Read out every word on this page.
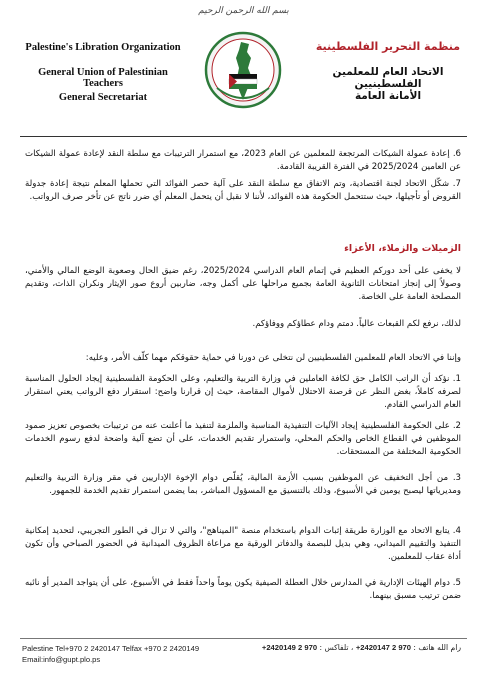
بسم الله الرحمن الرحيم
Palestine's Libration Organization
General Union of Palestinian Teachers
General Secretariat
منظمة التحرير الفلسطينية
الاتحاد العام للمعلمين الفلسطينيين
الأمانة العامة
6. إعادة عمولة الشيكات المرتجعة للمعلمين عن العام 2023، مع استمرار الترتيبات مع سلطة النقد لإعادة عمولة الشيكات عن العامين 2025/2024 في الفترة القريبة القادمة.
7. شكّل الاتحاد لجنة اقتصادية، وتم الاتفاق مع سلطة النقد على آلية حصر الفوائد التي تحملها المعلم نتيجة إعادة جدولة القروض أو تأجيلها، حيث ستتحمل الحكومة هذه الفوائد، لأننا لا نقبل أن يتحمل المعلم أي ضرر ناتج عن تأخر صرف الرواتب.
الزميلات والزملاء، الأعزاء
لا يخفى على أحد دوركم العظيم في إتمام العام الدراسي 2025/2024، رغم ضيق الحال وصعوبة الوضع المالي والأمني، وصولاً إلى إنجاز امتحانات الثانوية العامة بجميع مراحلها على أكمل وجه، ضاربين أروع صور الإيثار ونكران الذات، وتقديم المصلحة العامة على الخاصة.
لذلك، نرفع لكم القبعات عالياً. دمتم ودام عطاؤكم ووفاؤكم.
وإننا في الاتحاد العام للمعلمين الفلسطينيين لن نتخلى عن دورنا في حماية حقوقكم مهما كلّف الأمر، وعليه:
1. نؤكد أن الراتب الكامل حق لكافة العاملين في وزارة التربية والتعليم، وعلى الحكومة الفلسطينية إيجاد الحلول المناسبة لصرفه كاملاً، بغض النظر عن قرصنة الاحتلال لأموال المقاصة، حيث إن قرارنا واضح: استقرار دفع الرواتب يعني استقرار العام الدراسي القادم.
2. على الحكومة الفلسطينية إيجاد الآليات التنفيذية المناسبة والملزمة لتنفيذ ما أعلنت عنه من ترتيبات بخصوص تعزيز صمود الموظفين في القطاع الخاص والحكم المحلي، واستمرار تقديم الخدمات، على أن تضع آلية واضحة لدفع رسوم الخدمات الحكومية المختلفة من المستحقات.
3. من أجل التخفيف عن الموظفين بسبب الأزمة المالية، يُقلّص دوام الإخوة الإداريين في مقر وزارة التربية والتعليم ومديرياتها ليصبح يومين في الأسبوع، وذلك بالتنسيق مع المسؤول المباشر، بما يضمن استمرار تقديم الخدمة للجمهور.
4. يتابع الاتحاد مع الوزارة طريقة إثبات الدوام باستخدام منصة "الميناهج"، والتي لا تزال في الطور التجريبي، لتحديد إمكانية التنفيذ والتقييم الميداني، وهي بديل للبصمة والدفاتر الورقية مع مراعاة الظروف الميدانية في الحضور الصباحي وأن تكون أداة عقاب للمعلمين.
5. دوام الهيئات الإدارية في المدارس خلال العطلة الصيفية يكون يوماً واحداً فقط في الأسبوع، على أن يتواجد المدير أو نائبه ضمن ترتيب مسبق بينهما.
Palestine Tel+970 2 2420147 Telfax +970 2 2420149
Email:info@gupt.plo.ps
رام الله هاتف : 970 2 2420147+ ، تلفاكس : 970 2 2420149+
